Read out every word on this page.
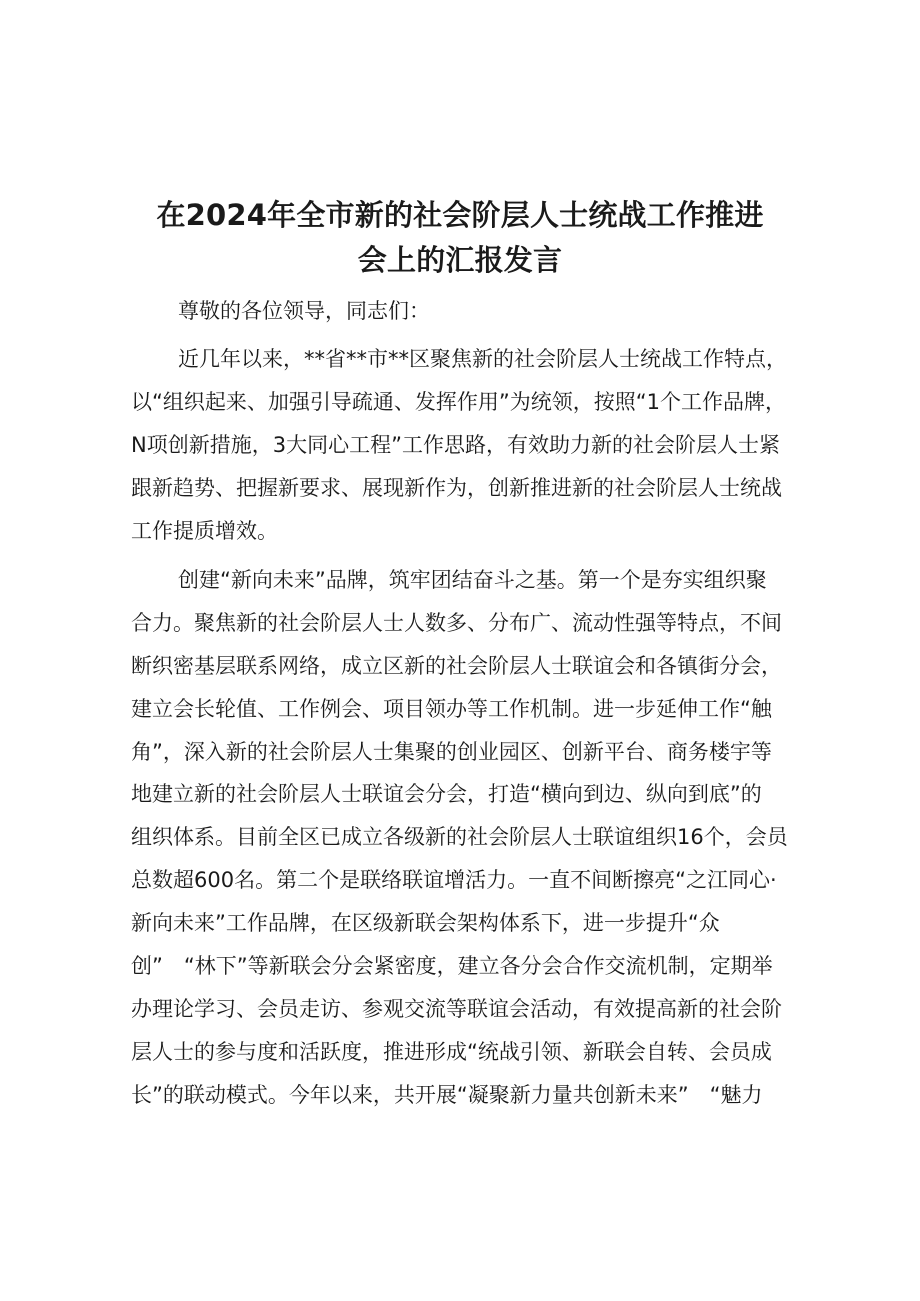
在2024年全市新的社会阶层人士统战工作推进
会上的汇报发言

尊敬的各位领导，同志们：

近几年以来，**省**市**区聚焦新的社会阶层人士统战工作特点，

以“组织起来、加强引导疏通、发挥作用”为统领，按照“1个工作品牌，

N项创新措施，3大同心工程”工作思路，有效助力新的社会阶层人士紧

跟新趋势、把握新要求、展现新作为，创新推进新的社会阶层人士统战

工作提质增效。

创建“新向未来”品牌，筑牢团结奋斗之基。第一个是夯实组织聚

合力。聚焦新的社会阶层人士人数多、分布广、流动性强等特点，不间

断织密基层联系网络，成立区新的社会阶层人士联谊会和各镇街分会，

建立会长轮值、工作例会、项目领办等工作机制。进一步延伸工作“触

角”，深入新的社会阶层人士集聚的创业园区、创新平台、商务楼宇等

地建立新的社会阶层人士联谊会分会，打造“横向到边、纵向到底”的

组织体系。目前全区已成立各级新的社会阶层人士联谊组织16个，会员

总数超600名。第二个是联络联谊增活力。一直不间断擦亮“之江同心·

新向未来”工作品牌，在区级新联会架构体系下，进一步提升“众

创”　“林下”等新联会分会紧密度，建立各分会合作交流机制，定期举

办理论学习、会员走访、参观交流等联谊会活动，有效提高新的社会阶

层人士的参与度和活跃度，推进形成“统战引领、新联会自转、会员成

长”的联动模式。今年以来，共开展“凝聚新力量共创新未来”　“魅力
